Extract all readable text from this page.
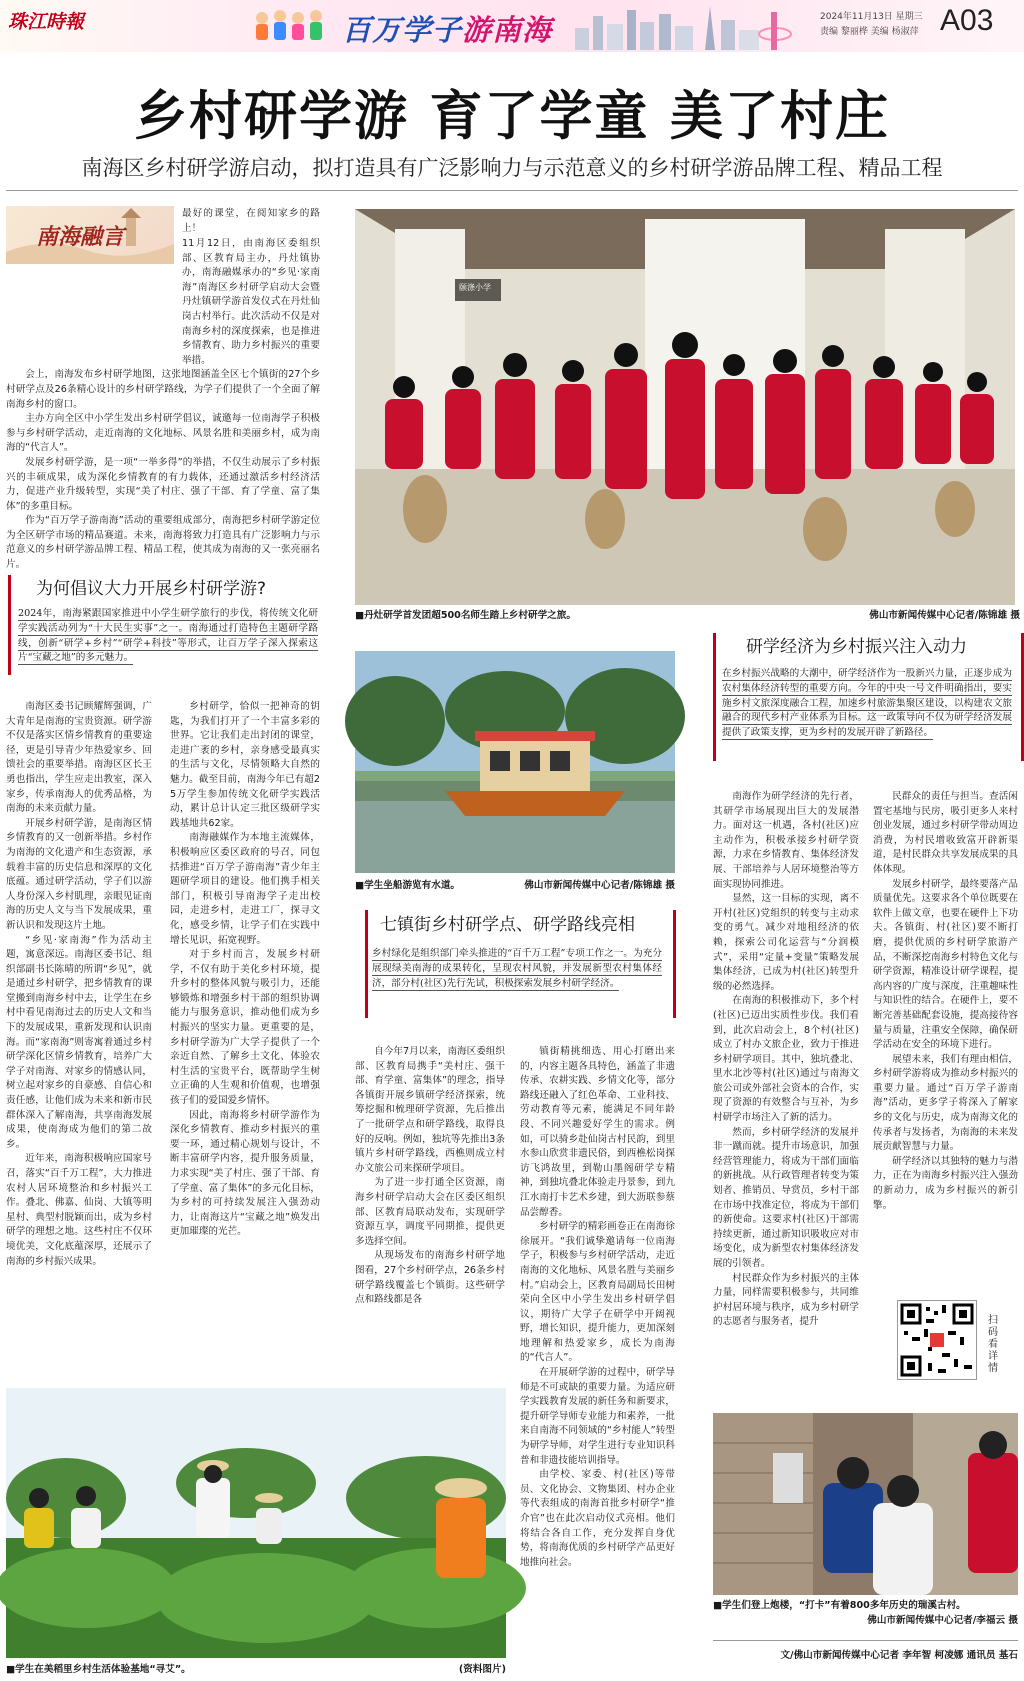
珠江時報	百万学子游南海	2024年11月13日 星期三
责编 黎丽桦 美编 杨淑萍 A03
乡村研学游 育了学童 美了村庄
南海区乡村研学游启动，拟打造具有广泛影响力与示范意义的乡村研学游品牌工程、精品工程
南海融言
最好的课堂，在阅知家乡的路上！

11月12日，由南海区委组织部、区教育局主办，丹灶镇协办，南海融媒承办的“乡见·家南海”南海区乡村研学启动大会暨丹灶镇研学游首发仪式在丹灶仙岗古村举行。此次活动不仅是对南海乡村的深度探索，也是推进乡情教育、助力乡村振兴的重要举措。

会上，南海发布乡村研学地图，这张地图涵盖全区七个镇街的27个乡村研学点及26条精心设计的乡村研学路线，为学子们提供了一个全面了解南海乡村的窗口。

主办方向全区中小学生发出乡村研学倡议，诚邀每一位南海学子积极参与乡村研学活动，走近南海的文化地标、风景名胜和美丽乡村，成为南海的“代言人”。

发展乡村研学游，是一项“一举多得”的举措，不仅生动展示了乡村振兴的丰硕成果，成为深化乡情教育的有力载体，还通过激活乡村经济活力，促进产业升级转型，实现“美了村庄、强了干部、育了学童、富了集体”的多重目标。

作为“百万学子游南海”活动的重要组成部分，南海把乡村研学游定位为全区研学市场的精品赛道。未来，南海将致力打造具有广泛影响力与示范意义的乡村研学游品牌工程、精品工程，使其成为南海的又一张亮丽名片。

颐涤小学
■丹灶研学首发团超500名师生踏上乡村研学之旅。	佛山市新闻传媒中心记者/陈锦雄 摄
为何倡议大力开展乡村研学游?
2024年，南海紧跟国家推进中小学生研学旅行的步伐，将传统文化研学实践活动列为“十大民生实事”之一。南海通过打造特色主题研学路线，创新“研学+乡村”“研学+科技”等形式，让百万学子深入探索这片“宝藏之地”的多元魅力。

南海区委书记顾耀辉强调，广大青年是南海的宝贵资源。研学游不仅是落实区情乡情教育的重要途径，更是引导青少年热爱家乡、回馈社会的重要举措。南海区区长王勇也指出，学生应走出教室，深入家乡，传承南海人的优秀品格，为南海的未来贡献力量。

开展乡村研学游，是南海区情乡情教育的又一创新举措。乡村作为南海的文化遗产和生态资源，承载着丰富的历史信息和深厚的文化底蕴。通过研学活动，学子们以游人身份深入乡村肌理，亲眼见证南海的历史人文与当下发展成果，重新认识和发现这片土地。

“乡见·家南海”作为活动主题，寓意深远。南海区委书记、组织部副书长陈晴的所谓“乡见”，就是通过乡村研学，把乡情教育的课堂搬到南海乡村中去，让学生在乡村中看见南海过去的历史人文和当下的发展成果，重新发现和认识南海。而“家南海”则寄寓着通过乡村研学深化区情乡情教育，培养广大学子对南海、对家乡的情感认同，树立起对家乡的自豪感、自信心和责任感，让他们成为未来和新市民群体深入了解南海，共享南海发展成果，使南海成为他们的第二故乡。

近年来，南海积极响应国家号召，落实“百千万工程”，大力推进农村人居环境整治和乡村振兴工作。叠北、佛嘉、仙岗、大镇等明星村、典型村脱颖而出，成为乡村研学的理想之地。这些村庄不仅环境优美，文化底蕴深厚，还展示了南海的乡村振兴成果。

乡村研学，恰似一把神奇的钥匙，为我们打开了一个丰富多彩的世界。它让我们走出封闭的课堂，走进广袤的乡村，亲身感受最真实的生活与文化，尽情领略大自然的魅力。截至目前，南海今年已有超25万学生参加传统文化研学实践活动，累计总计认定三批区级研学实践基地共62家。

南海融媒作为本地主流媒体，积极响应区委区政府的号召，同包括推进“百万学子游南海”青少年主题研学项目的建设。他们携手相关部门，积极引导南海学子走出校园，走进乡村，走进工厂，探寻文化，感受乡情，让学子们在实践中增长见识，拓宽视野。

对于乡村而言，发展乡村研学，不仅有助于美化乡村环境，提升乡村的整体风貌与吸引力，还能够锻炼和增强乡村干部的组织协调能力与服务意识，推动他们成为乡村振兴的坚实力量。更重要的是，乡村研学游为广大学子提供了一个亲近自然、了解乡土文化、体验农村生活的宝贵平台，既帮助学生树立正确的人生观和价值观，也增强孩子们的爱国爱乡情怀。

因此，南海将乡村研学游作为深化乡情教育、推动乡村振兴的重要一环，通过精心规划与设计，不断丰富研学内容，提升服务质量，力求实现“美了村庄、强了干部、育了学童、富了集体”的多元化目标，为乡村的可持续发展注入强劲动力，让南海这片“宝藏之地”焕发出更加璀璨的光芒。

■学生坐船游览有水道。	佛山市新闻传媒中心记者/陈锦雄 摄
七镇街乡村研学点、研学路线亮相
乡村绿化是组织部门牵头推进的“百千万工程”专项工作之一。为充分展现绿美南海的成果转化，呈现农村风貌，并发展新型农村集体经济，部分村(社区)先行先试，积极探索发展乡村研学经济。

自今年7月以来，南海区委组织部、区教育局携手“美村庄、强干部、育学童、富集体”的理念，指导各镇街开展乡镇研学经济探索，统筹挖掘和梳理研学资源，先后推出了一批研学点和研学路线，取得良好的反响。例如，独坑等先推出3条镇片乡村研学路线，西樵则成立村办文旅公司来探研学项目。

为了进一步打通全区资源，南海乡村研学启动大会在区委区组织部、区教育局联动发布，实现研学资源互享，调度平同期推，提供更多选择空间。

从现场发布的南海乡村研学地图看，27个乡村研学点，26条乡村研学路线覆盖七个镇街。这些研学点和路线都是各

镇街精挑细选、用心打磨出来的，内容主题各具特色，涵盖了非遗传承、农耕实践、乡情文化等，部分路线还融入了红色革命、工业科技、劳动教育等元素，能满足不同年龄段、不同兴趣爱好学生的需求。例如，可以骑乡赴仙岗古村民韵，到里水参山欣赏非遗民俗，到西樵松岗探访飞鸿故里，到勒山墨阁研学专精神，到独坑叠北体验走丹景参，到九江水南打卡艺术乡建，到大沥联参蔡品尝醇香。

乡村研学的精彩画卷正在南海徐徐展开。“我们诚挚邀请每一位南海学子，积极参与乡村研学活动，走近南海的文化地标、风景名胜与美丽乡村。”启动会上，区教育局副局长田树荣向全区中小学生发出乡村研学倡议，期待广大学子在研学中开阔视野，增长知识，提升能力，更加深刻地理解和热爱家乡，成长为南海的“代言人”。

在开展研学游的过程中，研学导师是不可或缺的重要力量。为适应研学实践教育发展的新任务和新要求，提升研学导师专业能力和素养，一批来自南海不同领域的“乡村能人”转型为研学导师，对学生进行专业知识科普和非遗技能培训指导。

由学校、家委、村(社区)等带员、文化协会、文物集团、村办企业等代表组成的南海首批乡村研学“推介官”也在此次启动仪式亮相。他们将结合各自工作，充分发挥自身优势，将南海优质的乡村研学产品更好地推向社会。

研学经济为乡村振兴注入动力
在乡村振兴战略的大潮中，研学经济作为一股新兴力量，正逐步成为农村集体经济转型的重要方向。今年的中央一号文件明确指出，要实施乡村文旅深度融合工程，加速乡村旅游集聚区建设，以构建农文旅融合的现代乡村产业体系为目标。这一政策导向不仅为研学经济发展提供了政策支撑，更为乡村的发展开辟了新路径。

南海作为研学经济的先行者，其研学市场展现出巨大的发展潜力。面对这一机遇，各村(社区)应主动作为，积极承接乡村研学资源，力求在乡情教育、集体经济发展、干部培养与人居环境整治等方面实现协同推进。

显然，这一目标的实现，离不开村(社区)党组织的转变与主动求变的勇气。减少对地租经济的依赖，探索公司化运营与“分润模式”，采用“定量+变量”策略发展集体经济，已成为村(社区)转型升级的必然选择。

在南海的积极推动下，多个村(社区)已迈出实质性步伐。我们看到，此次启动会上，8个村(社区)成立了村办文旅企业，致力于推进乡村研学项目。其中，独坑叠北、里水北沙等村(社区)通过与南海文旅公司或外部社会资本的合作，实现了资源的有效整合与互补，为乡村研学市场注入了新的活力。

然而，乡村研学经济的发展并非一蹴而就。提升市场意识，加强经营管理能力，将成为干部们面临的新挑战。从行政管理者转变为策划者、推销员、导赏员，乡村干部在市场中找准定位，将成为干部们的新使命。这要求村(社区)干部需持续更新，通过新知识吸收应对市场变化，成为新型农村集体经济发展的引领者。

村民群众作为乡村振兴的主体力量，同样需要积极参与，共同维护村居环境与秩序，成为乡村研学的志愿者与服务者，提升

民群众的责任与担当。查活闲置宅基地与民房，吸引更多人来村创业发展，通过乡村研学带动周边消费，为村民增收致富开辟新渠道，是村民群众共享发展成果的具体体现。

发展乡村研学，最终要落产品质量优先。这要求各个单位既要在软件上做文章，也要在硬件上下功夫。各镇街、村(社区)要不断打磨，提供优质的乡村研学旅游产品，不断深挖南海乡村特色文化与研学资源，精准设计研学课程，提高内容的广度与深度，注重趣味性与知识性的结合。在硬件上，要不断完善基础配套设施，提高接待容量与质量，注重安全保障，确保研学活动在安全的环境下进行。

展望未来，我们有理由相信，乡村研学游将成为推动乡村振兴的重要力量。通过“百万学子游南海”活动，更多学子将深入了解家乡的文化与历史，成为南海文化的传承者与发扬者，为南海的未来发展贡献智慧与力量。

研学经济以其独特的魅力与潜力，正在为南海乡村振兴注入强劲的新动力，成为乡村振兴的新引擎。

扫码看详情
■学生在美稻里乡村生活体验基地“寻艾”。	(资料图片)
■学生们登上炮楼，“打卡”有着800多年历史的瑞溪古村。
佛山市新闻传媒中心记者/李福云 摄
文/佛山市新闻传媒中心记者 李年智 柯凌娜 通讯员 基石
